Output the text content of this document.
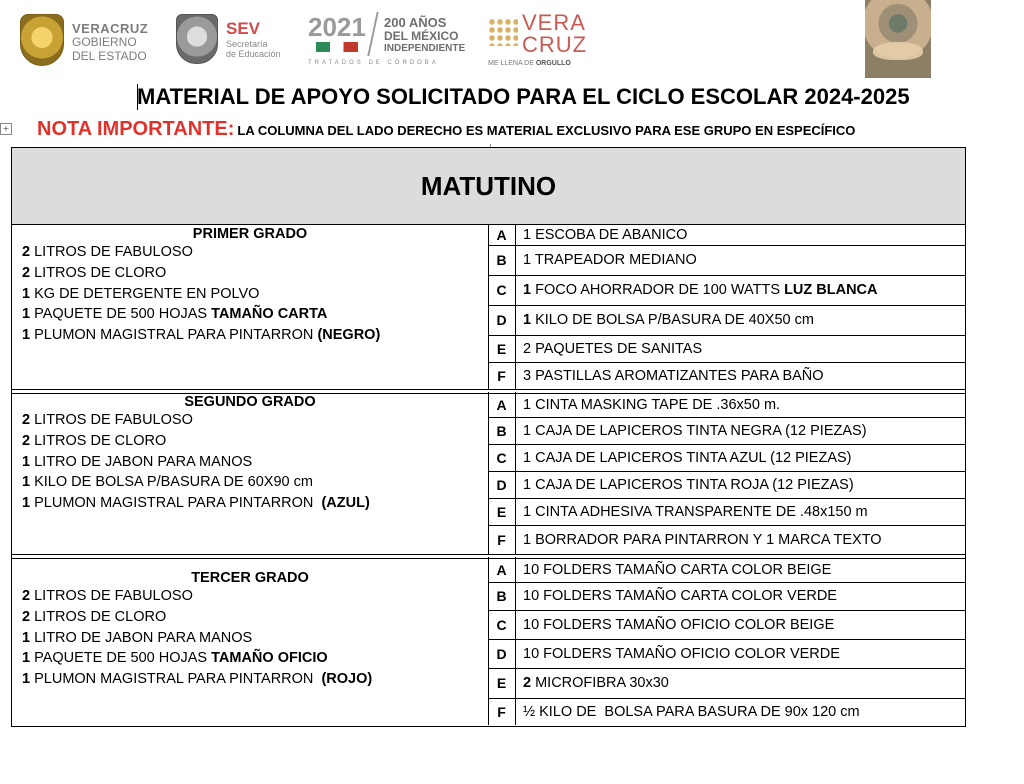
VERACRUZ
GOBIERNO
DEL ESTADO
SEV
Secretaría
de Educación
2021 200 AÑOS
DEL MÉXICO
INDEPENDIENTE
TRATADOS DE CÓRDOBA
VERA
CRUZ
ME LLENA DE ORGULLO
MATERIAL DE APOYO SOLICITADO PARA EL CICLO ESCOLAR 2024-2025
+ NOTA IMPORTANTE: LA COLUMNA DEL LADO DERECHO ES MATERIAL EXCLUSIVO PARA ESE GRUPO EN ESPECÍFICO
MATUTINO
PRIMER GRADO
2 LITROS DE FABULOSO
2 LITROS DE CLORO
1 KG DE DETERGENTE EN POLVO
1 PAQUETE DE 500 HOJAS TAMAÑO CARTA
1 PLUMON MAGISTRAL PARA PINTARRON (NEGRO)
A	1 ESCOBA DE ABANICO
B	1 TRAPEADOR MEDIANO
C	1 FOCO AHORRADOR DE 100 WATTS LUZ BLANCA
D	1 KILO DE BOLSA P/BASURA DE 40X50 cm
E	2 PAQUETES DE SANITAS
F	3 PASTILLAS AROMATIZANTES PARA BAÑO
SEGUNDO GRADO
2 LITROS DE FABULOSO
2 LITROS DE CLORO
1 LITRO DE JABON PARA MANOS
1 KILO DE BOLSA P/BASURA DE 60X90 cm
1 PLUMON MAGISTRAL PARA PINTARRON  (AZUL)
A	1 CINTA MASKING TAPE DE .36x50 m.
B	1 CAJA DE LAPICEROS TINTA NEGRA (12 PIEZAS)
C	1 CAJA DE LAPICEROS TINTA AZUL (12 PIEZAS)
D	1 CAJA DE LAPICEROS TINTA ROJA (12 PIEZAS)
E	1 CINTA ADHESIVA TRANSPARENTE DE .48x150 m
F	1 BORRADOR PARA PINTARRON Y 1 MARCA TEXTO
TERCER GRADO
2 LITROS DE FABULOSO
2 LITROS DE CLORO
1 LITRO DE JABON PARA MANOS
1 PAQUETE DE 500 HOJAS TAMAÑO OFICIO
1 PLUMON MAGISTRAL PARA PINTARRON  (ROJO)
A	10 FOLDERS TAMAÑO CARTA COLOR BEIGE
B	10 FOLDERS TAMAÑO CARTA COLOR VERDE
C	10 FOLDERS TAMAÑO OFICIO COLOR BEIGE
D	10 FOLDERS TAMAÑO OFICIO COLOR VERDE
E	2 MICROFIBRA 30x30
F	½ KILO DE  BOLSA PARA BASURA DE 90x 120 cm
